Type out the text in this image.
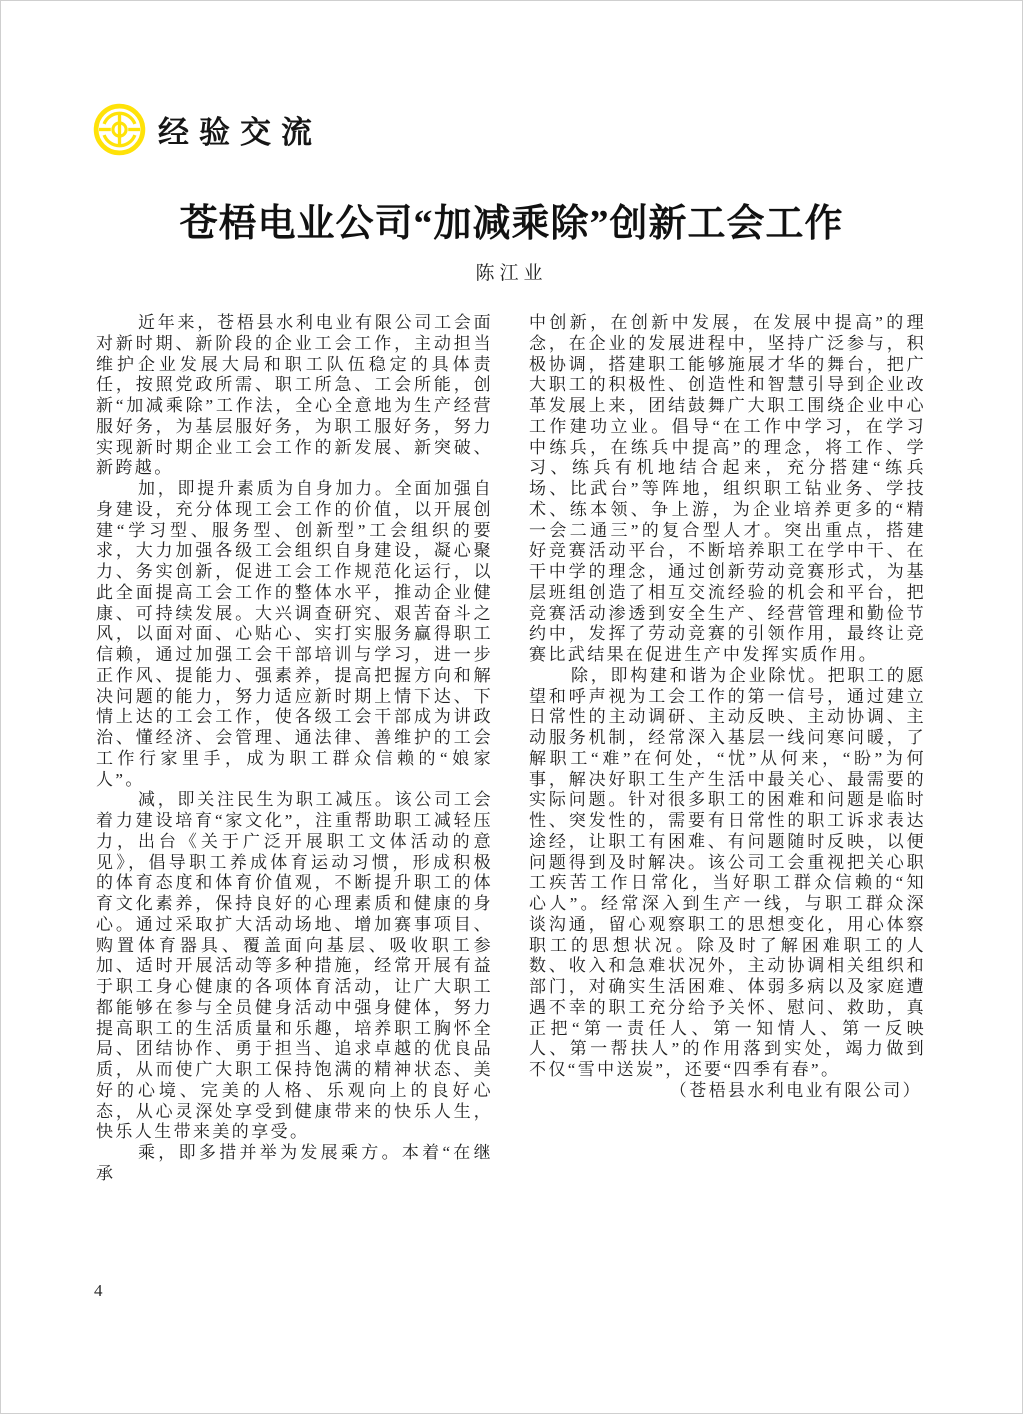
经验交流
苍梧电业公司“加减乘除”创新工会工作
陈江业

近年来，苍梧县水利电业有限公司工会面对新时期、新阶段的企业工会工作，主动担当维护企业发展大局和职工队伍稳定的具体责任，按照党政所需、职工所急、工会所能，创新“加减乘除”工作法，全心全意地为生产经营服好务，为基层服好务，为职工服好务，努力实现新时期企业工会工作的新发展、新突破、新跨越。

加，即提升素质为自身加力。全面加强自身建设，充分体现工会工作的价值，以开展创建“学习型、服务型、创新型”工会组织的要求，大力加强各级工会组织自身建设，凝心聚力、务实创新，促进工会工作规范化运行，以此全面提高工会工作的整体水平，推动企业健康、可持续发展。大兴调查研究、艰苦奋斗之风，以面对面、心贴心、实打实服务赢得职工信赖，通过加强工会干部培训与学习，进一步正作风、提能力、强素养，提高把握方向和解决问题的能力，努力适应新时期上情下达、下情上达的工会工作，使各级工会干部成为讲政治、懂经济、会管理、通法律、善维护的工会工作行家里手，成为职工群众信赖的“娘家人”。

减，即关注民生为职工减压。该公司工会着力建设培育“家文化”，注重帮助职工减轻压力，出台《关于广泛开展职工文体活动的意见》，倡导职工养成体育运动习惯，形成积极的体育态度和体育价值观，不断提升职工的体育文化素养，保持良好的心理素质和健康的身心。通过采取扩大活动场地、增加赛事项目、购置体育器具、覆盖面向基层、吸收职工参加、适时开展活动等多种措施，经常开展有益于职工身心健康的各项体育活动，让广大职工都能够在参与全员健身活动中强身健体，努力提高职工的生活质量和乐趣，培养职工胸怀全局、团结协作、勇于担当、追求卓越的优良品质，从而使广大职工保持饱满的精神状态、美好的心境、完美的人格、乐观向上的良好心态，从心灵深处享受到健康带来的快乐人生，快乐人生带来美的享受。

乘，即多措并举为发展乘方。本着“在继承

中创新，在创新中发展，在发展中提高”的理念，在企业的发展进程中，坚持广泛参与，积极协调，搭建职工能够施展才华的舞台，把广大职工的积极性、创造性和智慧引导到企业改革发展上来，团结鼓舞广大职工围绕企业中心工作建功立业。倡导“在工作中学习，在学习中练兵，在练兵中提高”的理念，将工作、学习、练兵有机地结合起来，充分搭建“练兵场、比武台”等阵地，组织职工钻业务、学技术、练本领、争上游，为企业培养更多的“精一会二通三”的复合型人才。突出重点，搭建好竞赛活动平台，不断培养职工在学中干、在干中学的理念，通过创新劳动竞赛形式，为基层班组创造了相互交流经验的机会和平台，把竞赛活动渗透到安全生产、经营管理和勤俭节约中，发挥了劳动竞赛的引领作用，最终让竞赛比武结果在促进生产中发挥实质作用。

除，即构建和谐为企业除忧。把职工的愿望和呼声视为工会工作的第一信号，通过建立日常性的主动调研、主动反映、主动协调、主动服务机制，经常深入基层一线问寒问暖，了解职工“难”在何处，“忧”从何来，“盼”为何事，解决好职工生产生活中最关心、最需要的实际问题。针对很多职工的困难和问题是临时性、突发性的，需要有日常性的职工诉求表达途经，让职工有困难、有问题随时反映，以便问题得到及时解决。该公司工会重视把关心职工疾苦工作日常化，当好职工群众信赖的“知心人”。经常深入到生产一线，与职工群众深谈沟通，留心观察职工的思想变化，用心体察职工的思想状况。除及时了解困难职工的人数、收入和急难状况外，主动协调相关组织和部门，对确实生活困难、体弱多病以及家庭遭遇不幸的职工充分给予关怀、慰问、救助，真正把“第一责任人、第一知情人、第一反映人、第一帮扶人”的作用落到实处，竭力做到不仅“雪中送炭”，还要“四季有春”。

（苍梧县水利电业有限公司）

4
